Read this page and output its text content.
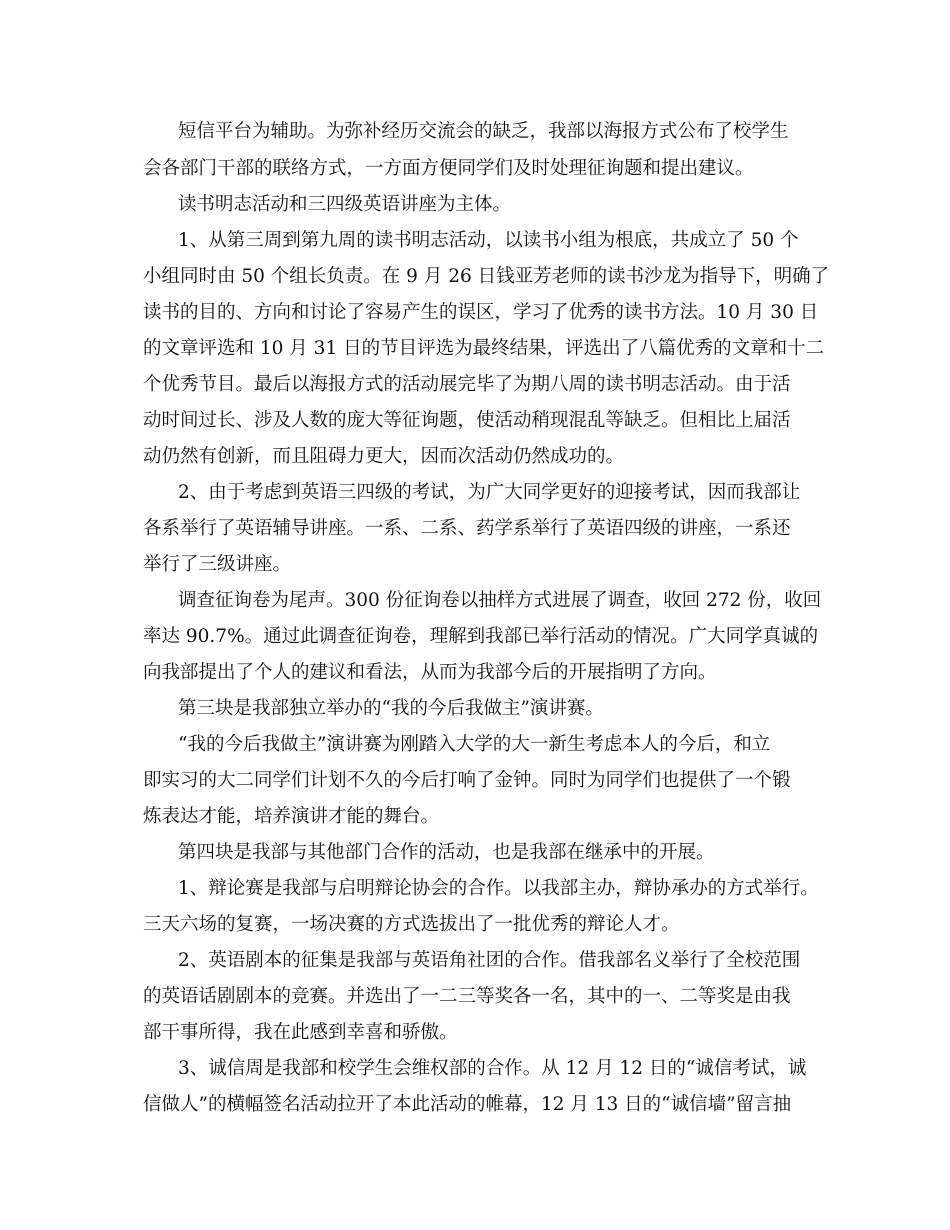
短信平台为辅助。为弥补经历交流会的缺乏，我部以海报方式公布了校学生

会各部门干部的联络方式，一方面方便同学们及时处理征询题和提出建议。

读书明志活动和三四级英语讲座为主体。

1、从第三周到第九周的读书明志活动，以读书小组为根底，共成立了 50 个

小组同时由 50 个组长负责。在 9 月 26 日钱亚芳老师的读书沙龙为指导下，明确了

读书的目的、方向和讨论了容易产生的误区，学习了优秀的读书方法。10 月 30 日

的文章评选和 10 月 31 日的节目评选为最终结果，评选出了八篇优秀的文章和十二

个优秀节目。最后以海报方式的活动展完毕了为期八周的读书明志活动。由于活

动时间过长、涉及人数的庞大等征询题，使活动稍现混乱等缺乏。但相比上届活

动仍然有创新，而且阻碍力更大，因而次活动仍然成功的。

2、由于考虑到英语三四级的考试，为广大同学更好的迎接考试，因而我部让

各系举行了英语辅导讲座。一系、二系、药学系举行了英语四级的讲座，一系还

举行了三级讲座。

调查征询卷为尾声。300 份征询卷以抽样方式进展了调查，收回 272 份，收回

率达 90.7%。通过此调查征询卷，理解到我部已举行活动的情况。广大同学真诚的

向我部提出了个人的建议和看法，从而为我部今后的开展指明了方向。

第三块是我部独立举办的“我的今后我做主”演讲赛。

“我的今后我做主”演讲赛为刚踏入大学的大一新生考虑本人的今后，和立

即实习的大二同学们计划不久的今后打响了金钟。同时为同学们也提供了一个锻

炼表达才能，培养演讲才能的舞台。

第四块是我部与其他部门合作的活动，也是我部在继承中的开展。

1、辩论赛是我部与启明辩论协会的合作。以我部主办，辩协承办的方式举行。

三天六场的复赛，一场决赛的方式选拔出了一批优秀的辩论人才。

2、英语剧本的征集是我部与英语角社团的合作。借我部名义举行了全校范围

的英语话剧剧本的竞赛。并选出了一二三等奖各一名，其中的一、二等奖是由我

部干事所得，我在此感到幸喜和骄傲。

3、诚信周是我部和校学生会维权部的合作。从 12 月 12 日的“诚信考试，诚

信做人”的横幅签名活动拉开了本此活动的帷幕，12 月 13 日的“诚信墙”留言抽
